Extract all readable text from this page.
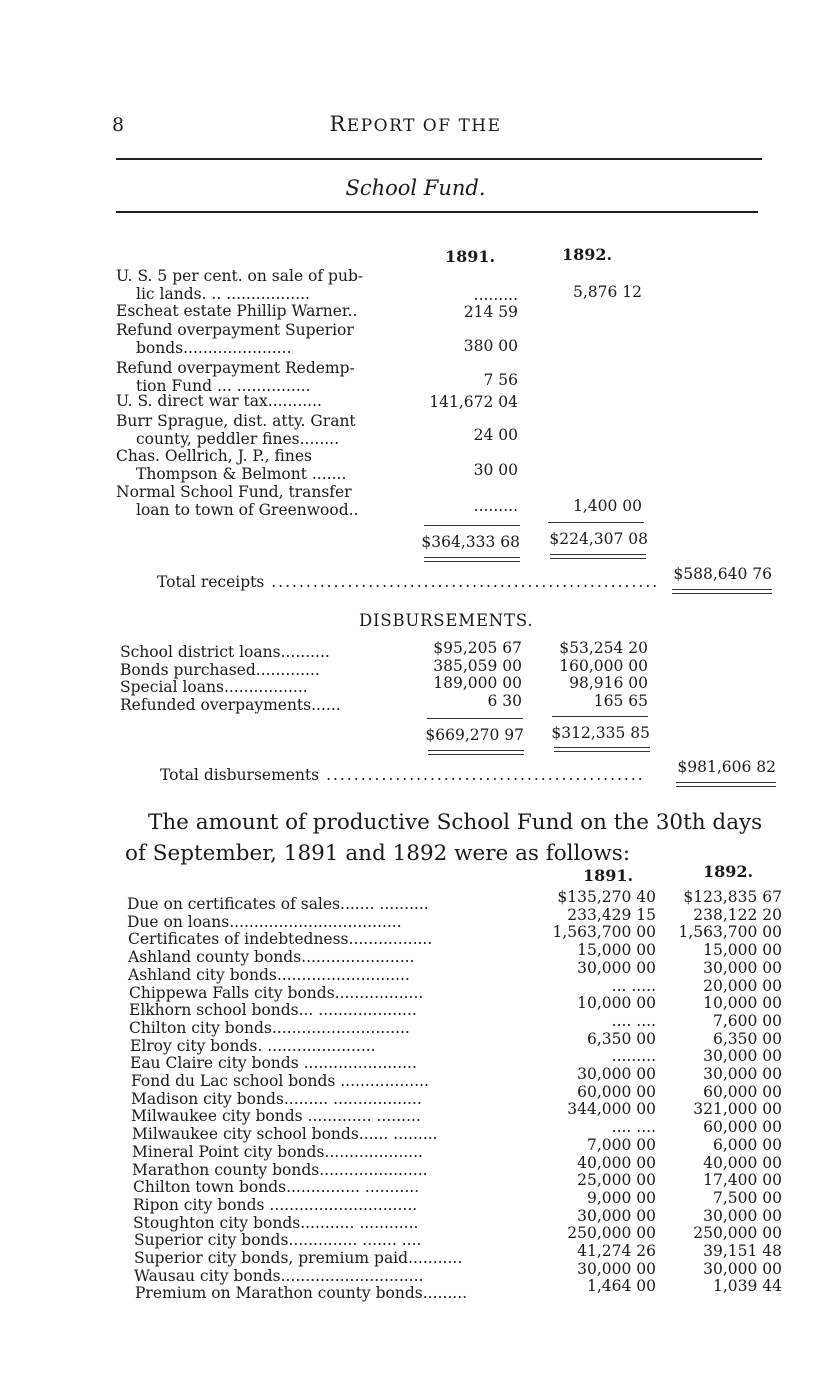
8	REPORT OF THE
School Fund.
1891.	1892.
U. S. 5 per cent. on sale of pub-
lic lands. .. .................	.........	5,876 12
Escheat estate Phillip Warner..	214 59
Refund overpayment Superior
bonds......................	380 00
Refund overpayment Redemp-
tion Fund ... ...............	7 56
U. S. direct war tax...........	141,672 04
Burr Sprague, dist. atty. Grant
county, peddler fines........	24 00
Chas. Oellrich, J. P., fines
Thompson & Belmont .......	30 00
Normal School Fund, transfer
loan to town of Greenwood..	.........	1,400 00
$364,333 68	$224,307 08
Total receipts ........................................................ $588,640 76
DISBURSEMENTS.
School district loans..........	$95,205 67	$53,254 20
Bonds purchased.............	385,059 00	160,000 00
Special loans.................	189,000 00	98,916 00
Refunded overpayments......	6 30	165 65
$669,270 97	$312,335 85
Total disbursements ..............................................	$981,606 82
The amount of productive School Fund on the 30th days
of September, 1891 and 1892 were as follows:
1891.	1892.
Due on certificates of sales....... ..........	$135,270 40	$123,835 67
Due on loans...................................	233,429 15	238,122 20
Certificates of indebtedness.................	1,563,700 00	1,563,700 00
Ashland county bonds.......................	15,000 00	15,000 00
Ashland city bonds...........................	30,000 00	30,000 00
Chippewa Falls city bonds..................	... .....	20,000 00
Elkhorn school bonds... ....................	10,000 00	10,000 00
Chilton city bonds............................	.... ....	7,600 00
Elroy city bonds. ......................	6,350 00	6,350 00
Eau Claire city bonds .......................	.........	30,000 00
Fond du Lac school bonds ..................	30,000 00	30,000 00
Madison city bonds......... ..................	60,000 00	60,000 00
Milwaukee city bonds ............. .........	344,000 00	321,000 00
Milwaukee city school bonds...... .........	.... ....	60,000 00
Mineral Point city bonds....................	7,000 00	6,000 00
Marathon county bonds......................	40,000 00	40,000 00
Chilton town bonds............... ...........	25,000 00	17,400 00
Ripon city bonds ..............................	9,000 00	7,500 00
Stoughton city bonds........... ............	30,000 00	30,000 00
Superior city bonds.............. ....... ....	250,000 00	250,000 00
Superior city bonds, premium paid...........	41,274 26	39,151 48
Wausau city bonds.............................	30,000 00	30,000 00
Premium on Marathon county bonds.........	1,464 00	1,039 44
